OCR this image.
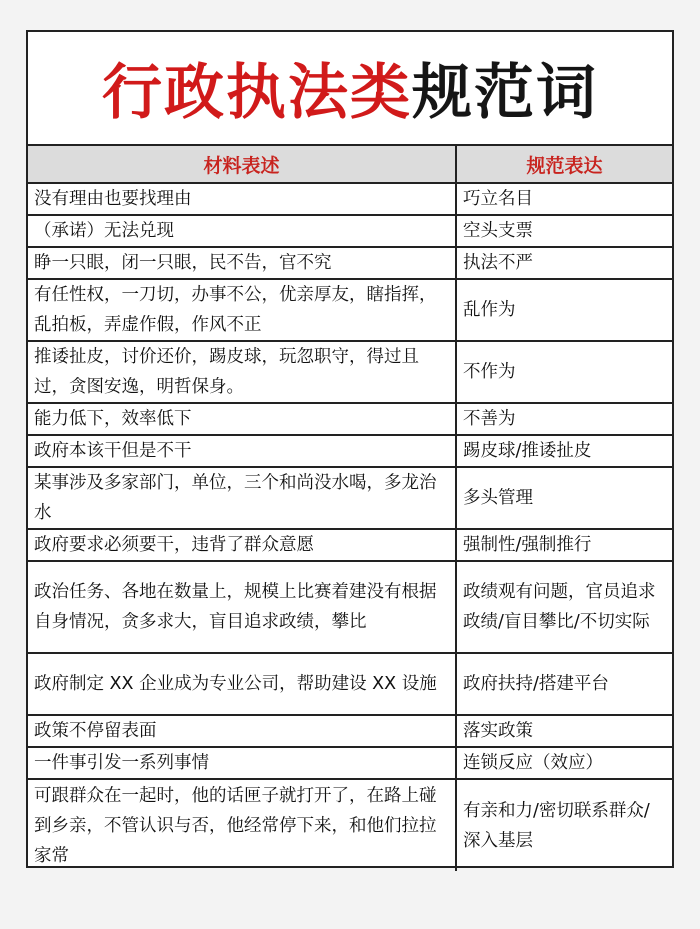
行政执法类 规范词
材料表述	规范表达
没有理由也要找理由	巧立名目
（承诺）无法兑现	空头支票
睁一只眼，闭一只眼，民不告，官不究	执法不严
有任性权，一刀切，办事不公，优亲厚友，瞎指挥，乱拍板，弄虚作假，作风不正	乱作为
推诿扯皮，讨价还价，踢皮球，玩忽职守，得过且过，贪图安逸，明哲保身。	不作为
能力低下，效率低下	不善为
政府本该干但是不干	踢皮球/推诿扯皮
某事涉及多家部门，单位，三个和尚没水喝，多龙治水	多头管理
政府要求必须要干，违背了群众意愿	强制性/强制推行
政治任务、各地在数量上，规模上比赛着建没有根据自身情况，贪多求大，盲目追求政绩，攀比	政绩观有问题，官员追求政绩/盲目攀比/不切实际
政府制定 XX 企业成为专业公司，帮助建设 XX 设施	政府扶持/搭建平台
政策不停留表面	落实政策
一件事引发一系列事情	连锁反应（效应）
可跟群众在一起时，他的话匣子就打开了，在路上碰到乡亲，不管认识与否，他经常停下来，和他们拉拉家常	有亲和力/密切联系群众/深入基层
